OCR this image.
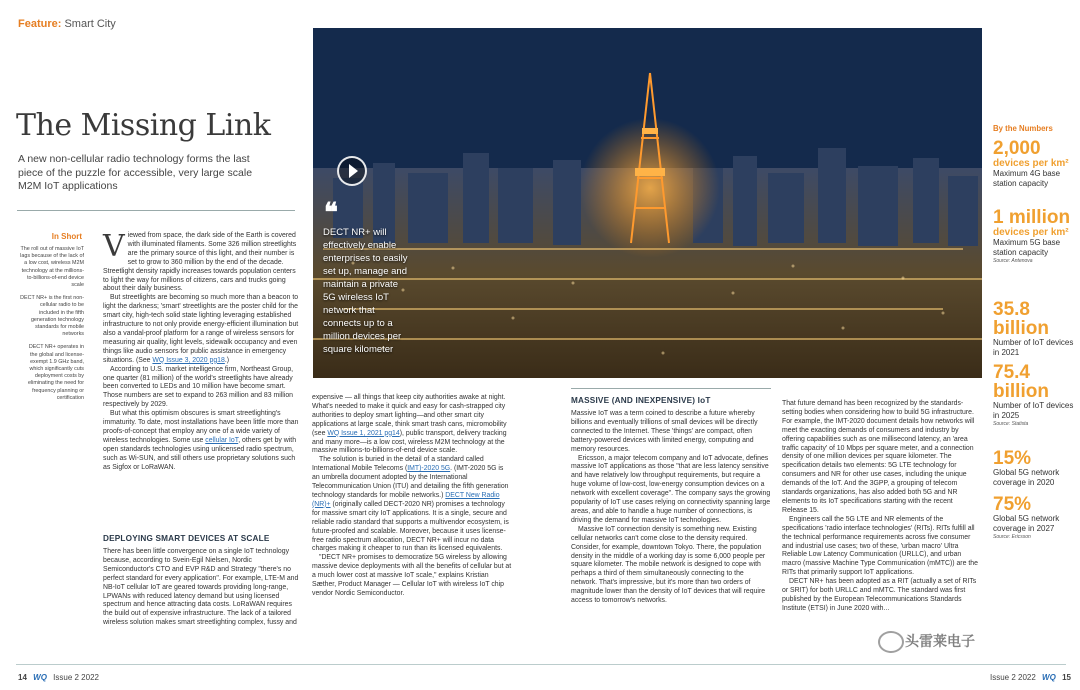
Feature: Smart City
❝
DECT NR+ will effectively enable enterprises to easily set up, manage and maintain a private 5G wireless IoT network that connects up to a million devices per square kilometer
The Missing Link
A new non-cellular radio technology forms the last piece of the puzzle for accessible, very large scale M2M IoT applications
In Short

The roll out of massive IoT lags because of the lack of a low cost, wireless M2M technology at the millions-to-billions-of-end device scale

DECT NR+ is the first non-cellular radio to be included in the fifth generation technology standards for mobile networks

DECT NR+ operates in the global and license-exempt 1.9 GHz band, which significantly cuts deployment costs by eliminating the need for frequency planning or certification

Viewed from space, the dark side of the Earth is covered with illuminated filaments. Some 326 million streetlights are the primary source of this light, and their number is set to grow to 360 million by the end of the decade. Streetlight density rapidly increases towards population centers to light the way for millions of citizens, cars and trucks going about their daily business.

But streetlights are becoming so much more than a beacon to light the darkness; 'smart' streetlights are the poster child for the smart city, high-tech solid state lighting leveraging established infrastructure to not only provide energy-efficient illumination but also a vandal-proof platform for a range of wireless sensors for measuring air quality, light levels, sidewalk occupancy and even things like audio sensors for public assistance in emergency situations. (See WQ Issue 3, 2020 pg18.)

According to U.S. market intelligence firm, Northeast Group, one quarter (81 million) of the world's streetlights have already been converted to LEDs and 10 million have become smart. Those numbers are set to expand to 263 million and 83 million respectively by 2029.

But what this optimism obscures is smart streetlighting's immaturity. To date, most installations have been little more than proofs-of-concept that employ any one of a wide variety of wireless technologies. Some use cellular IoT, others get by with open standards technologies using unlicensed radio spectrum, such as Wi-SUN, and still others use proprietary solutions such as Sigfox or LoRaWAN.

DEPLOYING SMART DEVICES AT SCALE

There has been little convergence on a single IoT technology because, according to Svein-Egil Nielsen, Nordic Semiconductor's CTO and EVP R&D and Strategy "there's no perfect standard for every application". For example, LTE-M and NB-IoT cellular IoT are geared towards providing long-range, LPWANs with reduced latency demand but using licensed spectrum and hence attracting data costs. LoRaWAN requires the build out of expensive infrastructure. The lack of a tailored wireless solution makes smart streetlighting complex, fussy and

expensive — all things that keep city authorities awake at night. What's needed to make it quick and easy for cash-strapped city authorities to deploy smart lighting—and other smart city applications at large scale, think smart trash cans, micromobility (see WQ Issue 1, 2021 pg14), public transport, delivery tracking and many more—is a low cost, wireless M2M technology at the massive millions-to-billions-of-end device scale.

The solution is buried in the detail of a standard called International Mobile Telecoms (IMT)-2020 5G. (IMT-2020 5G is an umbrella document adopted by the International Telecommunication Union (ITU) and detailing the fifth generation technology standards for mobile networks.) DECT New Radio (NR)+ (originally called DECT-2020 NR) promises a technology for massive smart city IoT applications. It is a single, secure and reliable radio standard that supports a multivendor ecosystem, is future-proofed and scalable. Moreover, because it uses license-free radio spectrum allocation, DECT NR+ will incur no data charges making it cheaper to run than its licensed equivalents.

"DECT NR+ promises to democratize 5G wireless by allowing massive device deployments with all the benefits of cellular but at a much lower cost at massive IoT scale," explains Kristian Sæther, Product Manager — Cellular IoT with wireless IoT chip vendor Nordic Semiconductor.

MASSIVE (AND INEXPENSIVE) IoT

Massive IoT was a term coined to describe a future whereby billions and eventually trillions of small devices will be directly connected to the Internet. These 'things' are compact, often battery-powered devices with limited energy, computing and memory resources.

Ericsson, a major telecom company and IoT advocate, defines massive IoT applications as those "that are less latency sensitive and have relatively low throughput requirements, but require a huge volume of low-cost, low-energy consumption devices on a network with excellent coverage". The company says the growing popularity of IoT use cases relying on connectivity spanning large areas, and able to handle a huge number of connections, is driving the demand for massive IoT technologies.

Massive IoT connection density is something new. Existing cellular networks can't come close to the density required. Consider, for example, downtown Tokyo. There, the population density in the middle of a working day is some 6,000 people per square kilometer. The mobile network is designed to cope with perhaps a third of them simultaneously connecting to the network. That's impressive, but it's more than two orders of magnitude lower than the density of IoT devices that will require access to tomorrow's networks.

That future demand has been recognized by the standards-setting bodies when considering how to build 5G infrastructure. For example, the IMT-2020 document details how networks will meet the exacting demands of consumers and industry by offering capabilities such as one millisecond latency, an 'area traffic capacity' of 10 Mbps per square meter, and a connection density of one million devices per square kilometer. The specification details two elements: 5G LTE technology for consumers and NR for other use cases, including the unique demands of the IoT. And the 3GPP, a grouping of telecom standards organizations, has also added both 5G and NR elements to its IoT specifications starting with the recent Release 15.

Engineers call the 5G LTE and NR elements of the specifications 'radio interface technologies' (RITs). RITs fulfill all the technical performance requirements across five consumer and industrial use cases; two of these, 'urban macro' Ultra Reliable Low Latency Communication (URLLC), and urban macro (massive Machine Type Communication (mMTC)) are the RITs that primarily support IoT applications.

DECT NR+ has been adopted as a RIT (actually a set of RITs or SRIT) for both URLLC and mMTC. The standard was first published by the European Telecommunications Standards Institute (ETSI) in June 2020 with...

By the Numbers
2,000
devices per km²
Maximum 4G base station capacity
1 million
devices per km²
Maximum 5G base station capacity
Source: Antenova
35.8 billion
Number of IoT devices in 2021
75.4 billion
Number of IoT devices in 2025
Source: Statista
15%
Global 5G network coverage in 2020
75%
Global 5G network coverage in 2027
Source: Ericsson
头雷莱电子
14 WQ Issue 2 2022	Issue 2 2022 WQ 15
